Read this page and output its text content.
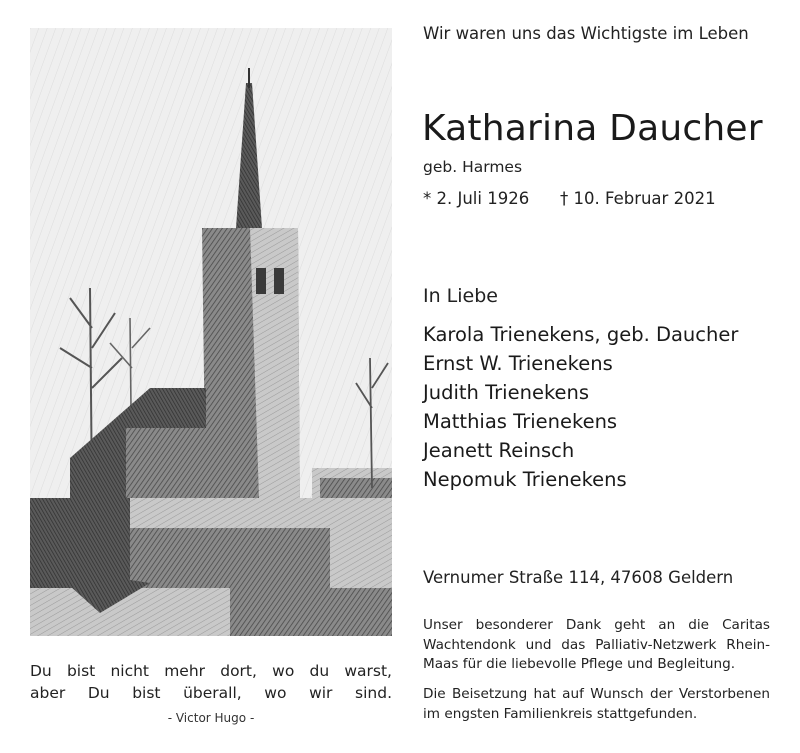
Du bist nicht mehr dort, wo du warst,
aber Du bist überall, wo wir sind.
- Victor Hugo -
Wir waren uns das Wichtigste im Leben
Katharina Daucher
geb. Harmes
* 2. Juli 1926 † 10. Februar 2021
In Liebe
Karola Trienekens, geb. Daucher
Ernst W. Trienekens
Judith Trienekens
Matthias Trienekens
Jeanett Reinsch
Nepomuk Trienekens
Vernumer Straße 114, 47608 Geldern
Unser besonderer Dank geht an die Caritas Wachtendonk und das Palliativ-Netzwerk Rhein-Maas für die liebevolle Pflege und Begleitung.
Die Beisetzung hat auf Wunsch der Verstorbenen im engsten Familienkreis stattgefunden.
